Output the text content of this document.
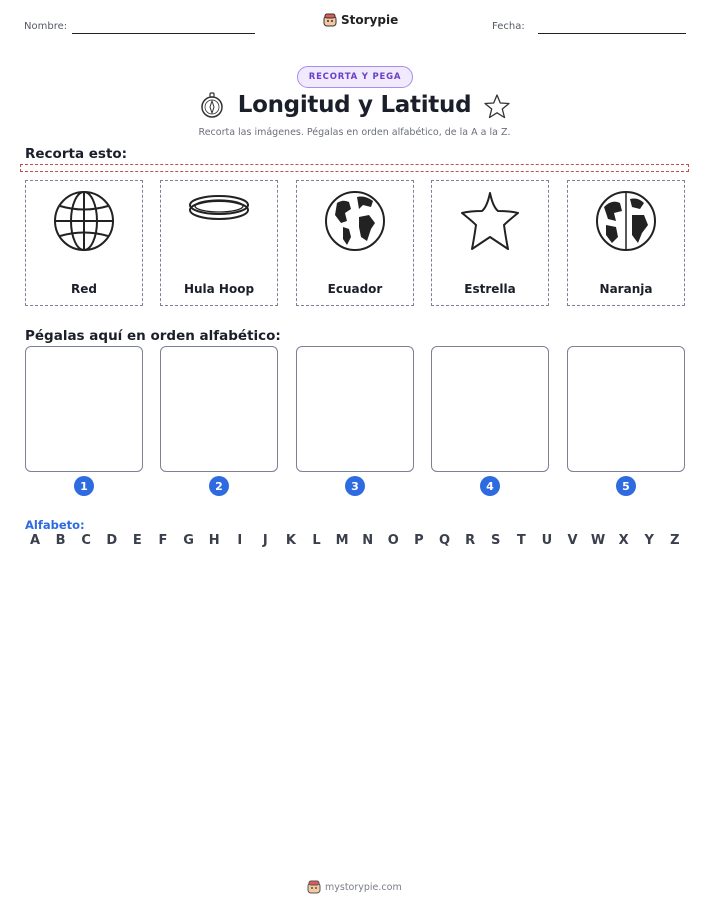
Nombre:	Storypie	Fecha:
RECORTA Y PEGA
Longitud y Latitud
Recorta las imágenes. Pégalas en orden alfabético, de la A a la Z.
Recorta esto:
Red	Hula Hoop	Ecuador	Estrella	Naranja
Pégalas aquí en orden alfabético:
1	2	3	4	5
Alfabeto:
A	B	C	D	E	F	G	H	I	J	K	L	M	N	O	P	Q	R	S	T	U	V	W	X	Y	Z
mystorypie.com
